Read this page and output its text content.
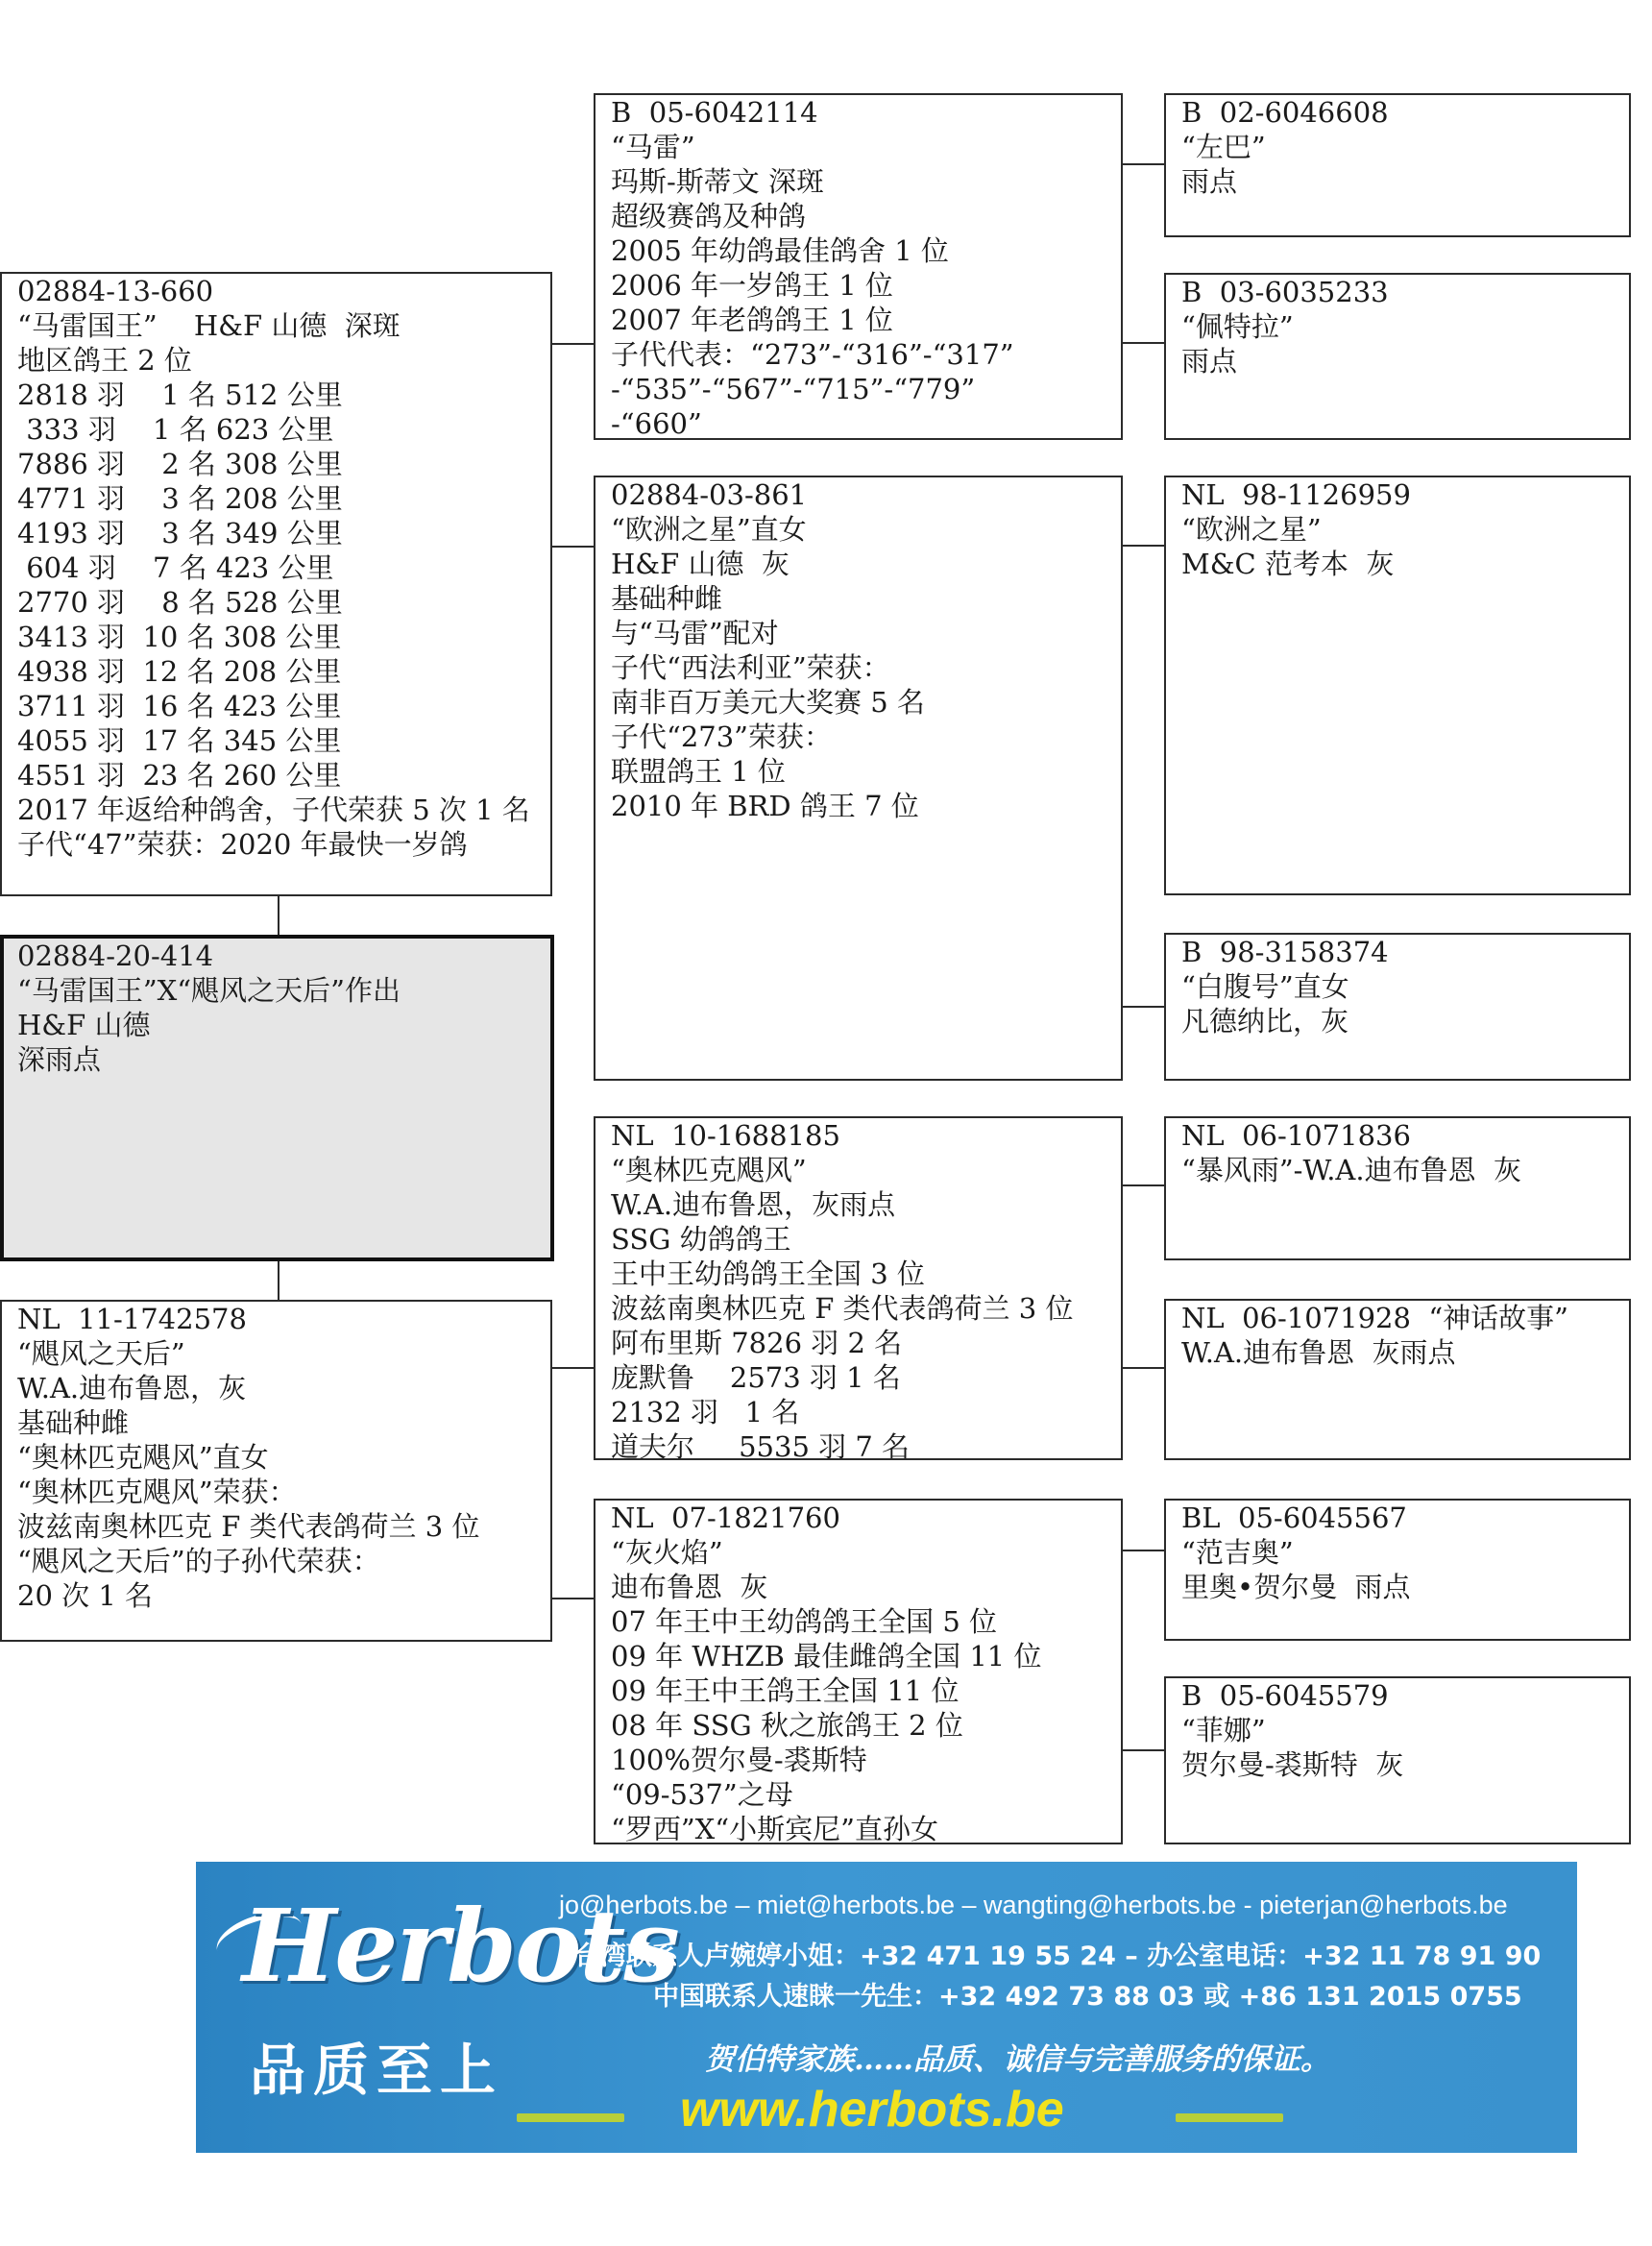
02884-13-660
“马雷国王”　 H&F 山德  深斑
地区鸽王 2 位
2818 羽　 1 名 512 公里
333 羽　 1 名 623 公里
7886 羽　 2 名 308 公里
4771 羽　 3 名 208 公里
4193 羽　 3 名 349 公里
604 羽　 7 名 423 公里
2770 羽　 8 名 528 公里
3413 羽  10 名 308 公里
4938 羽  12 名 208 公里
3711 羽  16 名 423 公里
4055 羽  17 名 345 公里
4551 羽  23 名 260 公里
2017 年返给种鸽舍，子代荣获 5 次 1 名
子代“47”荣获：2020 年最快一岁鸽
02884-20-414
“马雷国王”X“飓风之天后”作出
H&F 山德
深雨点
NL  11-1742578
“飓风之天后”
W.A.迪布鲁恩，灰
基础种雌
“奥林匹克飓风”直女
“奥林匹克飓风”荣获：
波兹南奥林匹克 F 类代表鸽荷兰 3 位
“飓风之天后”的子孙代荣获：
20 次 1 名
B  05-6042114
“马雷”
玛斯-斯蒂文 深斑
超级赛鸽及种鸽
2005 年幼鸽最佳鸽舍 1 位
2006 年一岁鸽王 1 位
2007 年老鸽鸽王 1 位
子代代表：“273”-“316”-“317”
-“535”-“567”-“715”-“779”
-“660”
02884-03-861
“欧洲之星”直女
H&F 山德  灰
基础种雌
与“马雷”配对
子代“西法利亚”荣获：
南非百万美元大奖赛 5 名
子代“273”荣获：
联盟鸽王 1 位
2010 年 BRD 鸽王 7 位
NL  10-1688185
“奥林匹克飓风”
W.A.迪布鲁恩，灰雨点
SSG 幼鸽鸽王
王中王幼鸽鸽王全国 3 位
波兹南奥林匹克 F 类代表鸽荷兰 3 位
阿布里斯 7826 羽 2 名
庞默鲁    2573 羽 1 名
2132 羽   1 名
道夫尔     5535 羽 7 名
NL  07-1821760
“灰火焰”
迪布鲁恩  灰
07 年王中王幼鸽鸽王全国 5 位
09 年 WHZB 最佳雌鸽全国 11 位
09 年王中王鸽王全国 11 位
08 年 SSG 秋之旅鸽王 2 位
100%贺尔曼-裘斯特
“09-537”之母
“罗西”X“小斯宾尼”直孙女
B  02-6046608
“左巴”
雨点
B  03-6035233
“佩特拉”
雨点
NL  98-1126959
“欧洲之星”
M&C 范考本  灰
B  98-3158374
“白腹号”直女
凡德纳比，灰
NL  06-1071836
“暴风雨”-W.A.迪布鲁恩  灰
NL  06-1071928  “神话故事”
W.A.迪布鲁恩  灰雨点
BL  05-6045567
“范吉奥”
里奥•贺尔曼  雨点
B  05-6045579
“菲娜”
贺尔曼-裘斯特  灰
Herbots
品质至上
jo@herbots.be – miet@herbots.be – wangting@herbots.be - pieterjan@herbots.be
台湾联系人卢婉婷小姐：+32 471 19 55 24 – 办公室电话：+32 11 78 91 90
中国联系人速睐一先生：+32 492 73 88 03 或 +86 131 2015 0755
贺伯特家族……品质、诚信与完善服务的保证。
www.herbots.be
